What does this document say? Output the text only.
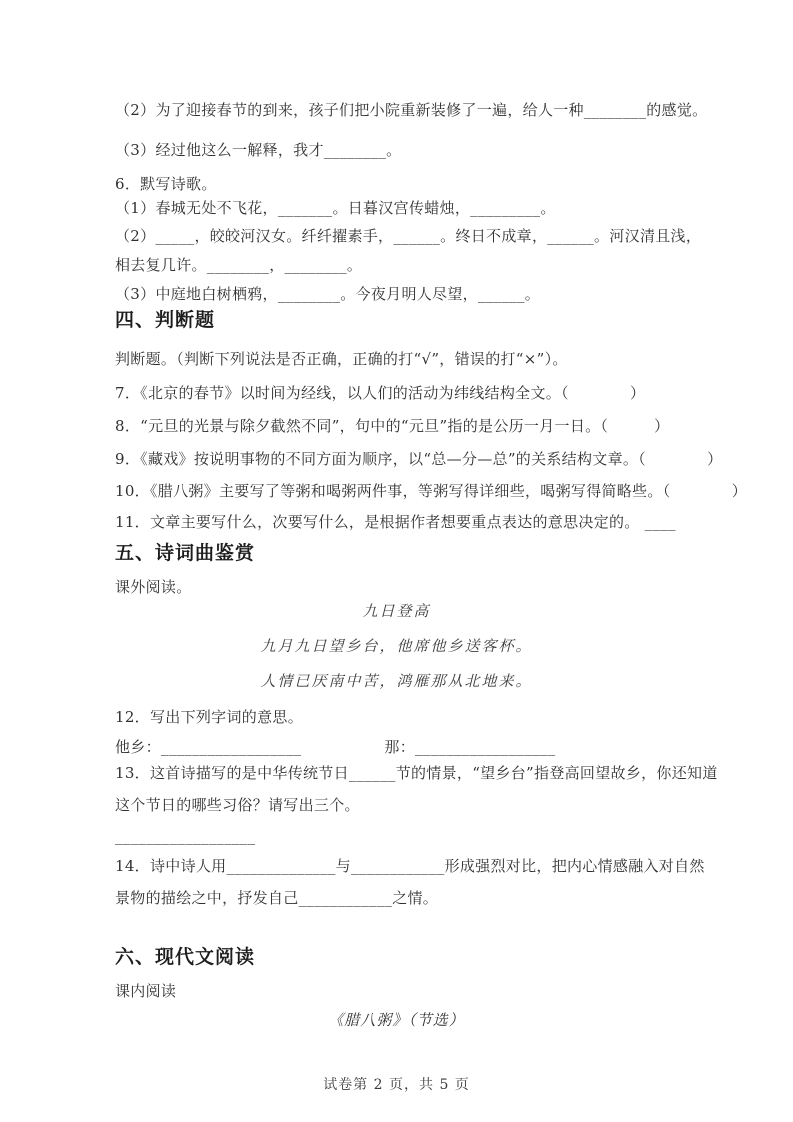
（2）为了迎接春节的到来，孩子们把小院重新装修了一遍，给人一种________的感觉。
（3）经过他这么一解释，我才________。
6．默写诗歌。
（1）春城无处不飞花，_______。日暮汉宫传蜡烛，_________。
（2）_____，皎皎河汉女。纤纤擢素手，______。终日不成章，______。河汉清且浅，
相去复几许。________，________。
（3）中庭地白树栖鸦，________。今夜月明人尽望，______。
四、判断题
判断题。（判断下列说法是否正确，正确的打“√”，错误的打“×”）。
7．《北京的春节》以时间为经线，以人们的活动为纬线结构全文。（　　　　）
8．“元旦的光景与除夕截然不同”，句中的“元旦”指的是公历一月一日。（　　　）
9．《藏戏》按说明事物的不同方面为顺序，以“总—分—总”的关系结构文章。（　　　　）
10．《腊八粥》主要写了等粥和喝粥两件事，等粥写得详细些，喝粥写得简略些。（　　　　）
11．文章主要写什么，次要写什么，是根据作者想要重点表达的意思决定的。 ____
五、诗词曲鉴赏
课外阅读。
九日登高
九月九日望乡台，他席他乡送客杯。
人情已厌南中苦，鸿雁那从北地来。
12．写出下列字词的意思。
他乡：__________________	那：__________________
13．这首诗描写的是中华传统节日______节的情景，“望乡台”指登高回望故乡，你还知道
这个节日的哪些习俗？请写出三个。
__________________
14．诗中诗人用______________与____________形成强烈对比，把内心情感融入对自然
景物的描绘之中，抒发自己____________之情。
六、现代文阅读
课内阅读
《腊八粥》（节选）
试卷第 2 页，共 5 页
